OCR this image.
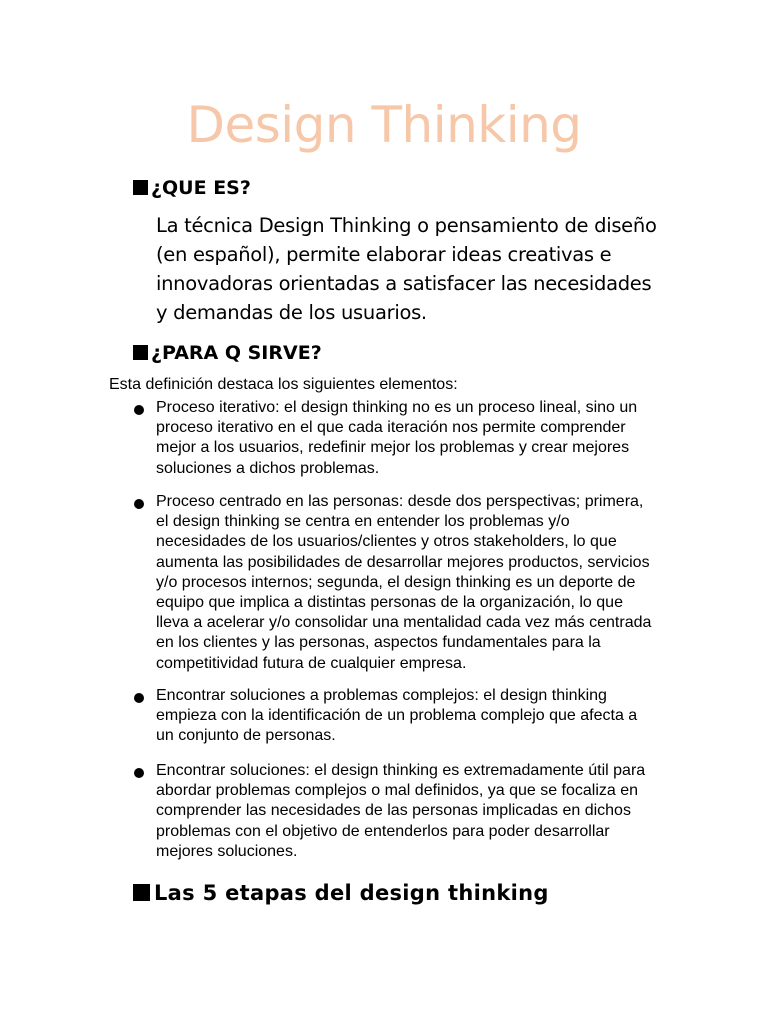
Design Thinking
¿QUE ES?

La técnica Design Thinking o pensamiento de diseño (en español), permite elaborar ideas creativas e innovadoras orientadas a satisfacer las necesidades y demandas de los usuarios.

¿PARA Q SIRVE?

Esta definición destaca los siguientes elementos:

Proceso iterativo: el design thinking no es un proceso lineal, sino un proceso iterativo en el que cada iteración nos permite comprender mejor a los usuarios, redefinir mejor los problemas y crear mejores soluciones a dichos problemas.
Proceso centrado en las personas: desde dos perspectivas; primera, el design thinking se centra en entender los problemas y/o necesidades de los usuarios/clientes y otros stakeholders, lo que aumenta las posibilidades de desarrollar mejores productos, servicios y/o procesos internos; segunda, el design thinking es un deporte de equipo que implica a distintas personas de la organización, lo que lleva a acelerar y/o consolidar una mentalidad cada vez más centrada en los clientes y las personas, aspectos fundamentales para la competitividad futura de cualquier empresa.
Encontrar soluciones a problemas complejos: el design thinking empieza con la identificación de un problema complejo que afecta a un conjunto de personas.
Encontrar soluciones: el design thinking es extremadamente útil para abordar problemas complejos o mal definidos, ya que se focaliza en comprender las necesidades de las personas implicadas en dichos problemas con el objetivo de entenderlos para poder desarrollar mejores soluciones.
Las 5 etapas del design thinking
